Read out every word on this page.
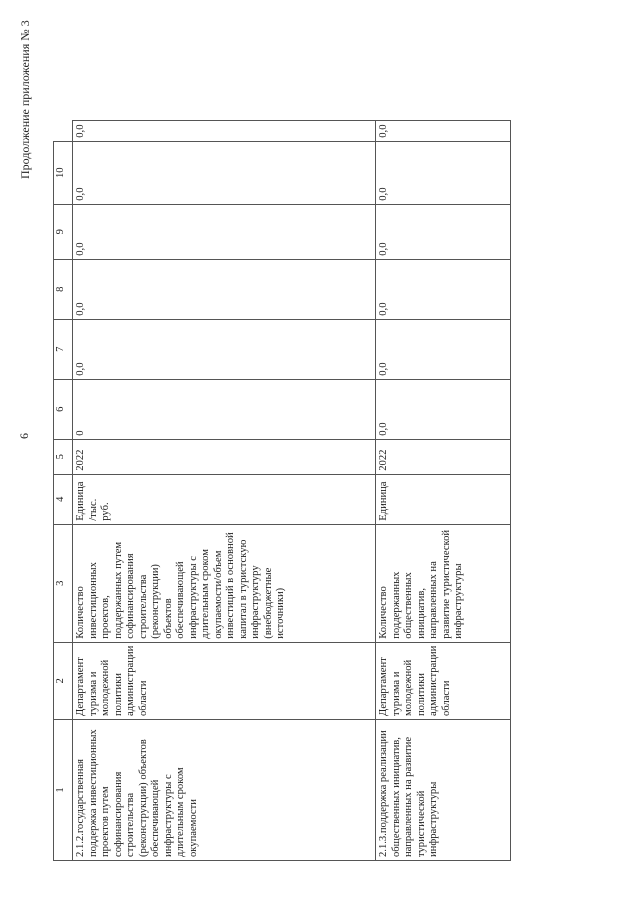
6
Продолжение приложения № 3
1	2	3	4	5	6	7	8	9	10	
2.1.2.государственная поддержка инвестиционных проектов путем софинансирования строительства (реконструкции) объектов обеспечивающей инфраструктуры с длительным сроком окупаемости	Департамент туризма и молодежной политики администрации области	Количество инвестиционных проектов, поддержанных путем софинансирования строительства (реконструкции) объектов обеспечивающей инфраструктуры с длительным сроком окупаемости/объем инвестиций в основной капитал в туристскую инфраструктуру (внебюджетные источники)	Единица /тыс. руб.	2022	0	0,0	0,0	0,0	0,0	0,0
2.1.3.поддержка реализации общественных инициатив, направленных на развитие туристической инфраструктуры	Департамент туризма и молодежной политики администрации области	Количество поддержанных общественных инициатив, направленных на развитие туристической инфраструктуры	Единица	2022	0,0	0,0	0,0	0,0	0,0	0,0
